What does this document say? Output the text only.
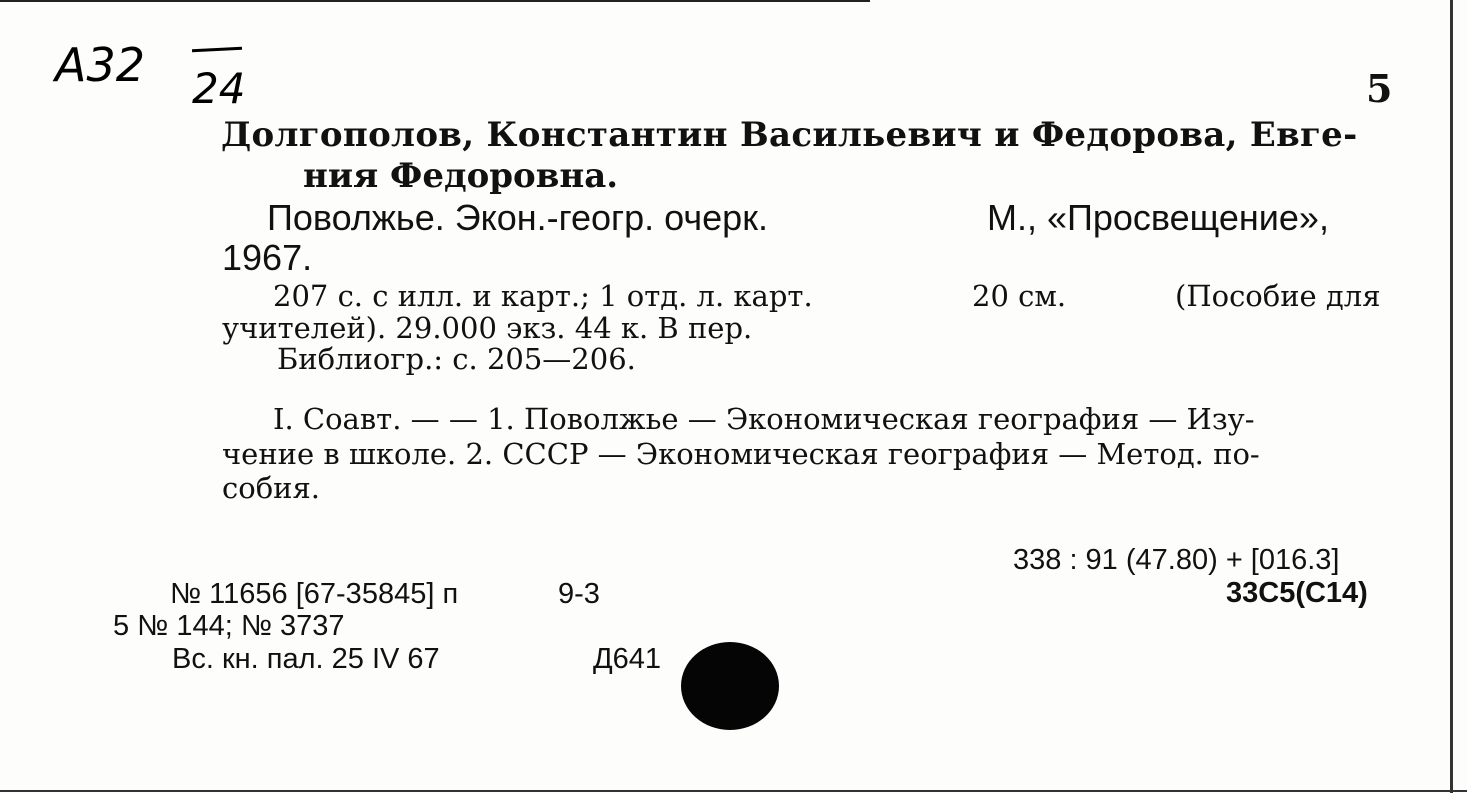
A32 24	5
Долгополов, Константин Васильевич и Федорова, Евге-
ния Федоровна.
Поволжье. Экон.-геогр. очерк.	М., «Просвещение»,
1967.
207 с. с илл. и карт.; 1 отд. л. карт.	20 см.	(Пособие для
учителей). 29.000 экз. 44 к. В пер.
Библиогр.: с. 205—206.
I. Соавт. — — 1. Поволжье — Экономическая география — Изу-
чение в школе. 2. СССР — Экономическая география — Метод. по-
собия.
338 : 91 (47.80) + [016.3]
33С5(С14)
№ 11656 [67-35845] п	9-3
5 № 144; № 3737
Вс. кн. пал. 25 IV 67	Д641
